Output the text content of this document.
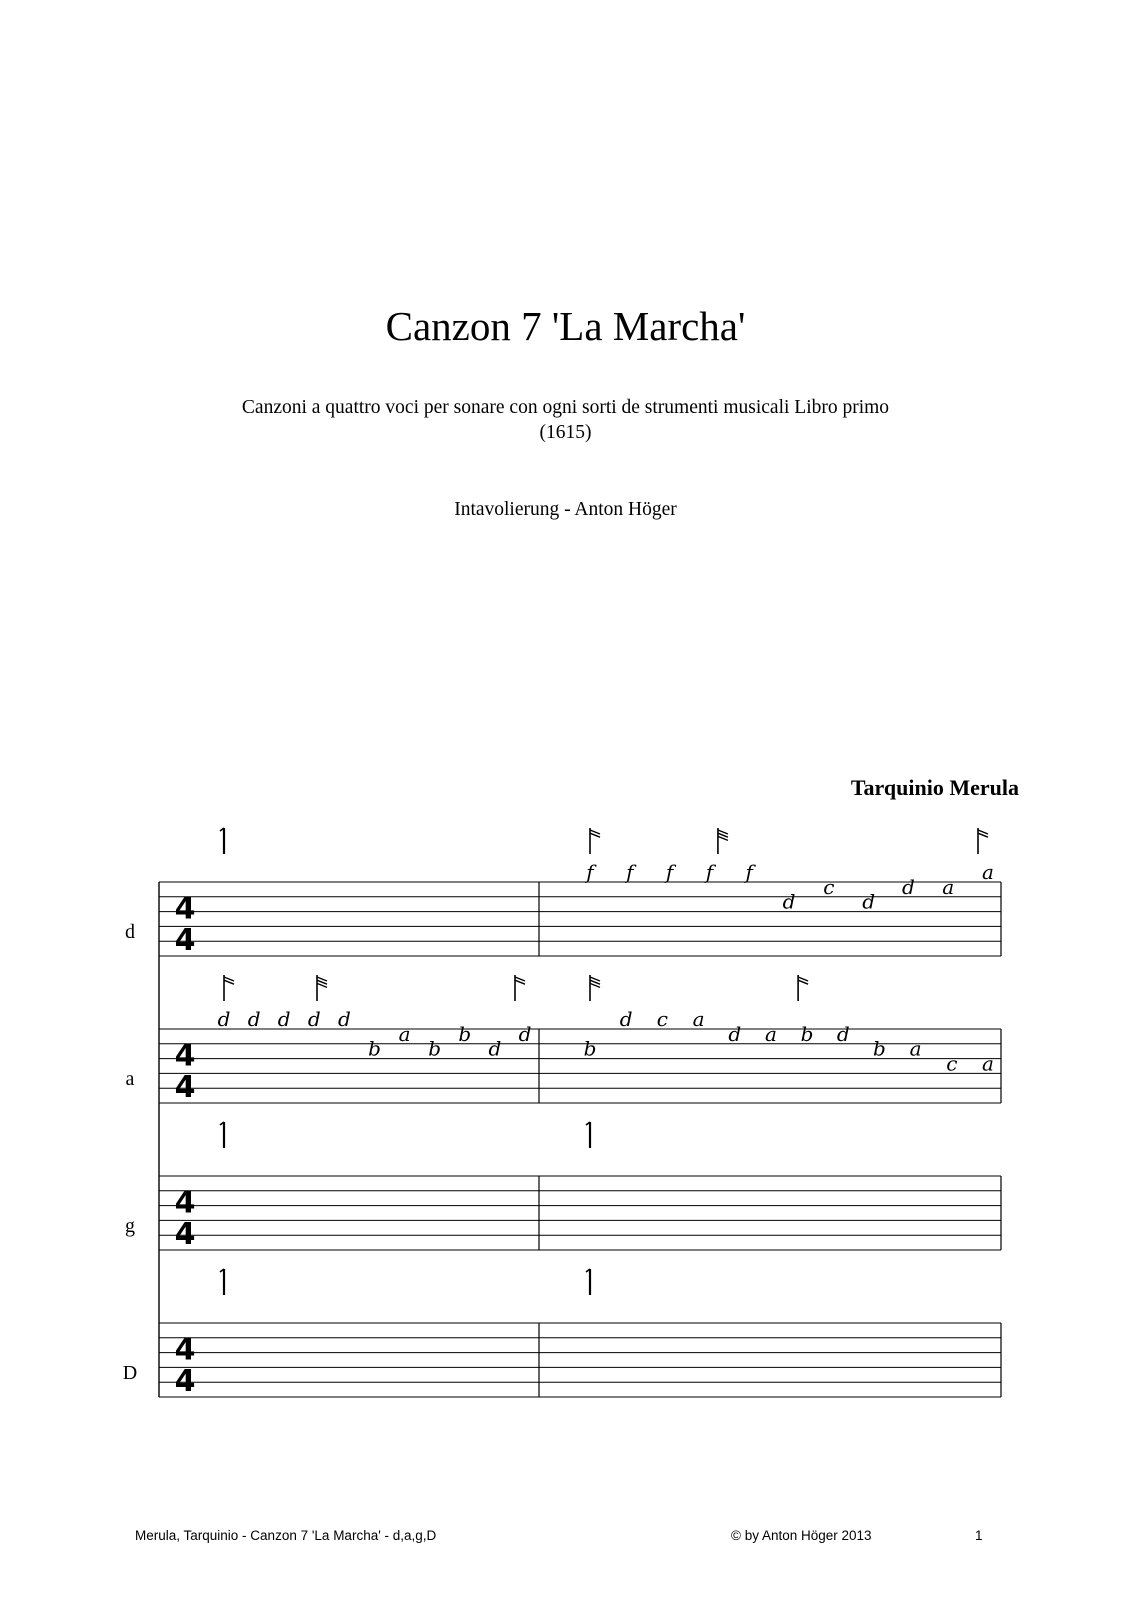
Canzon 7 'La Marcha'
Canzoni a quattro voci per sonare con ogni sorti de strumenti musicali Libro primo
(1615)
Intavolierung - Anton Höger
Tarquinio Merula
4
4
d
f f f f f
d
c
d
d a
a
4
4
a
d d d d d
b
a
b
b
d
d
b
d c a
d a b d
b a
c a
4
4
g
4
4
D
Merula, Tarquinio - Canzon 7 'La Marcha' - d,a,g,D	© by Anton Höger 2013	1
